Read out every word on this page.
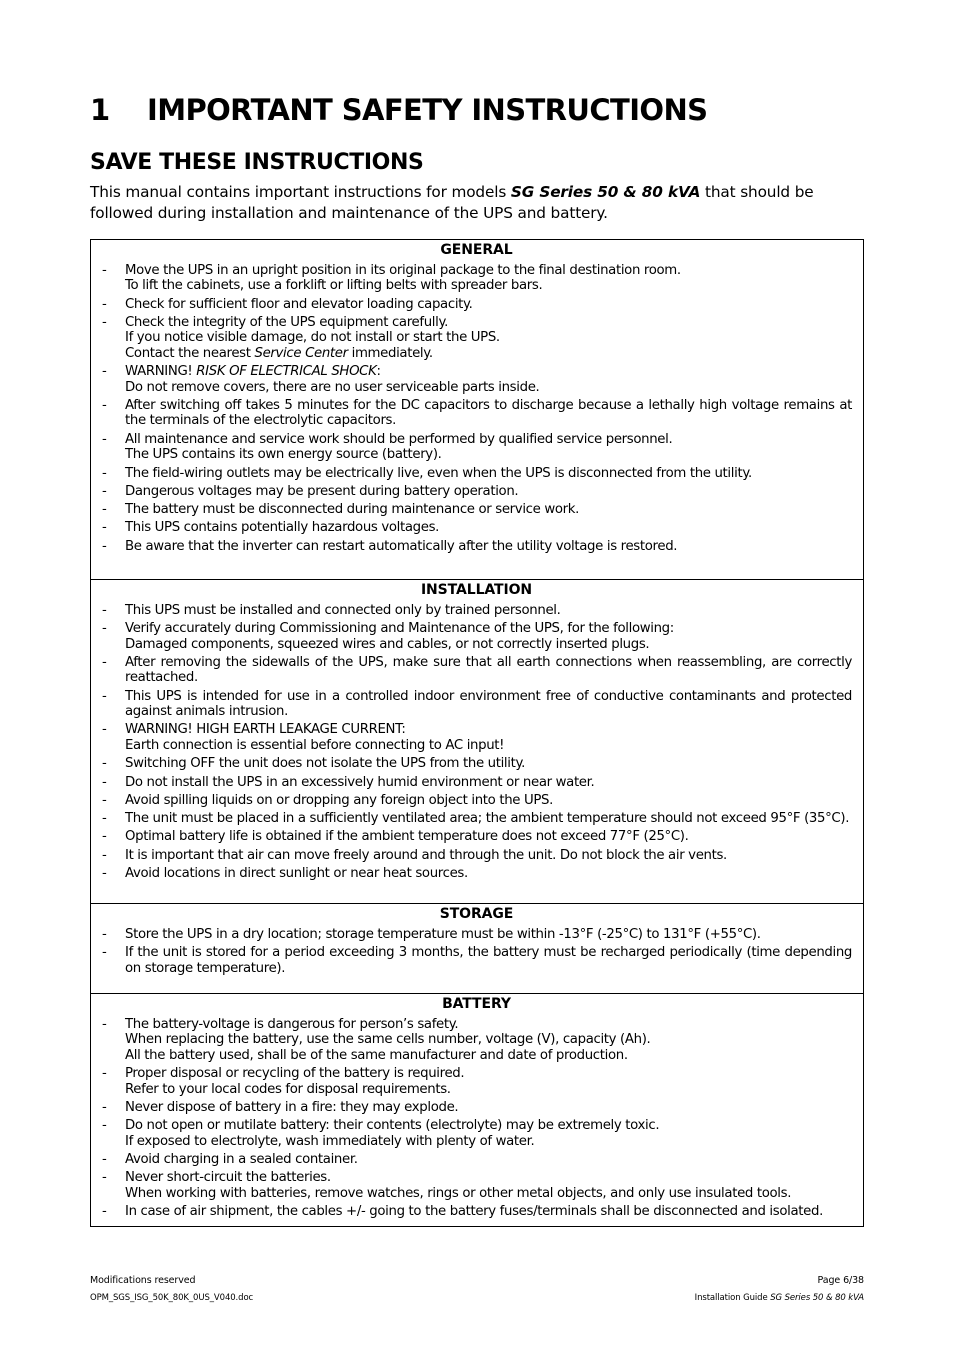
1 IMPORTANT SAFETY INSTRUCTIONS
SAVE THESE INSTRUCTIONS

This manual contains important instructions for models SG Series 50 & 80 kVA that should be followed during installation and maintenance of the UPS and battery.

GENERAL
- Move the UPS in an upright position in its original package to the final destination room.
To lift the cabinets, use a forklift or lifting belts with spreader bars.
- Check for sufficient floor and elevator loading capacity.
- Check the integrity of the UPS equipment carefully.
If you notice visible damage, do not install or start the UPS.
Contact the nearest Service Center immediately.
- WARNING! RISK OF ELECTRICAL SHOCK:
Do not remove covers, there are no user serviceable parts inside.
- After switching off takes 5 minutes for the DC capacitors to discharge because a lethally high voltage remains at the terminals of the electrolytic capacitors.
- All maintenance and service work should be performed by qualified service personnel.
The UPS contains its own energy source (battery).
- The field-wiring outlets may be electrically live, even when the UPS is disconnected from the utility.
- Dangerous voltages may be present during battery operation.
- The battery must be disconnected during maintenance or service work.
- This UPS contains potentially hazardous voltages.
- Be aware that the inverter can restart automatically after the utility voltage is restored.
INSTALLATION
- This UPS must be installed and connected only by trained personnel.
- Verify accurately during Commissioning and Maintenance of the UPS, for the following:
Damaged components, squeezed wires and cables, or not correctly inserted plugs.
- After removing the sidewalls of the UPS, make sure that all earth connections when reassembling, are correctly reattached.
- This UPS is intended for use in a controlled indoor environment free of conductive contaminants and protected against animals intrusion.
- WARNING! HIGH EARTH LEAKAGE CURRENT:
Earth connection is essential before connecting to AC input!
- Switching OFF the unit does not isolate the UPS from the utility.
- Do not install the UPS in an excessively humid environment or near water.
- Avoid spilling liquids on or dropping any foreign object into the UPS.
- The unit must be placed in a sufficiently ventilated area; the ambient temperature should not exceed 95°F (35°C).
- Optimal battery life is obtained if the ambient temperature does not exceed 77°F (25°C).
- It is important that air can move freely around and through the unit. Do not block the air vents.
- Avoid locations in direct sunlight or near heat sources.
STORAGE
- Store the UPS in a dry location; storage temperature must be within -13°F (-25°C) to 131°F (+55°C).
- If the unit is stored for a period exceeding 3 months, the battery must be recharged periodically (time depending on storage temperature).
BATTERY
- The battery-voltage is dangerous for person’s safety.
When replacing the battery, use the same cells number, voltage (V), capacity (Ah).
All the battery used, shall be of the same manufacturer and date of production.
- Proper disposal or recycling of the battery is required.
Refer to your local codes for disposal requirements.
- Never dispose of battery in a fire: they may explode.
- Do not open or mutilate battery: their contents (electrolyte) may be extremely toxic.
If exposed to electrolyte, wash immediately with plenty of water.
- Avoid charging in a sealed container.
- Never short-circuit the batteries.
When working with batteries, remove watches, rings or other metal objects, and only use insulated tools.
- In case of air shipment, the cables +/- going to the battery fuses/terminals shall be disconnected and isolated.
Modifications reserved
OPM_SGS_ISG_50K_80K_0US_V040.doc
Page 6/38
Installation Guide SG Series 50 & 80 kVA
